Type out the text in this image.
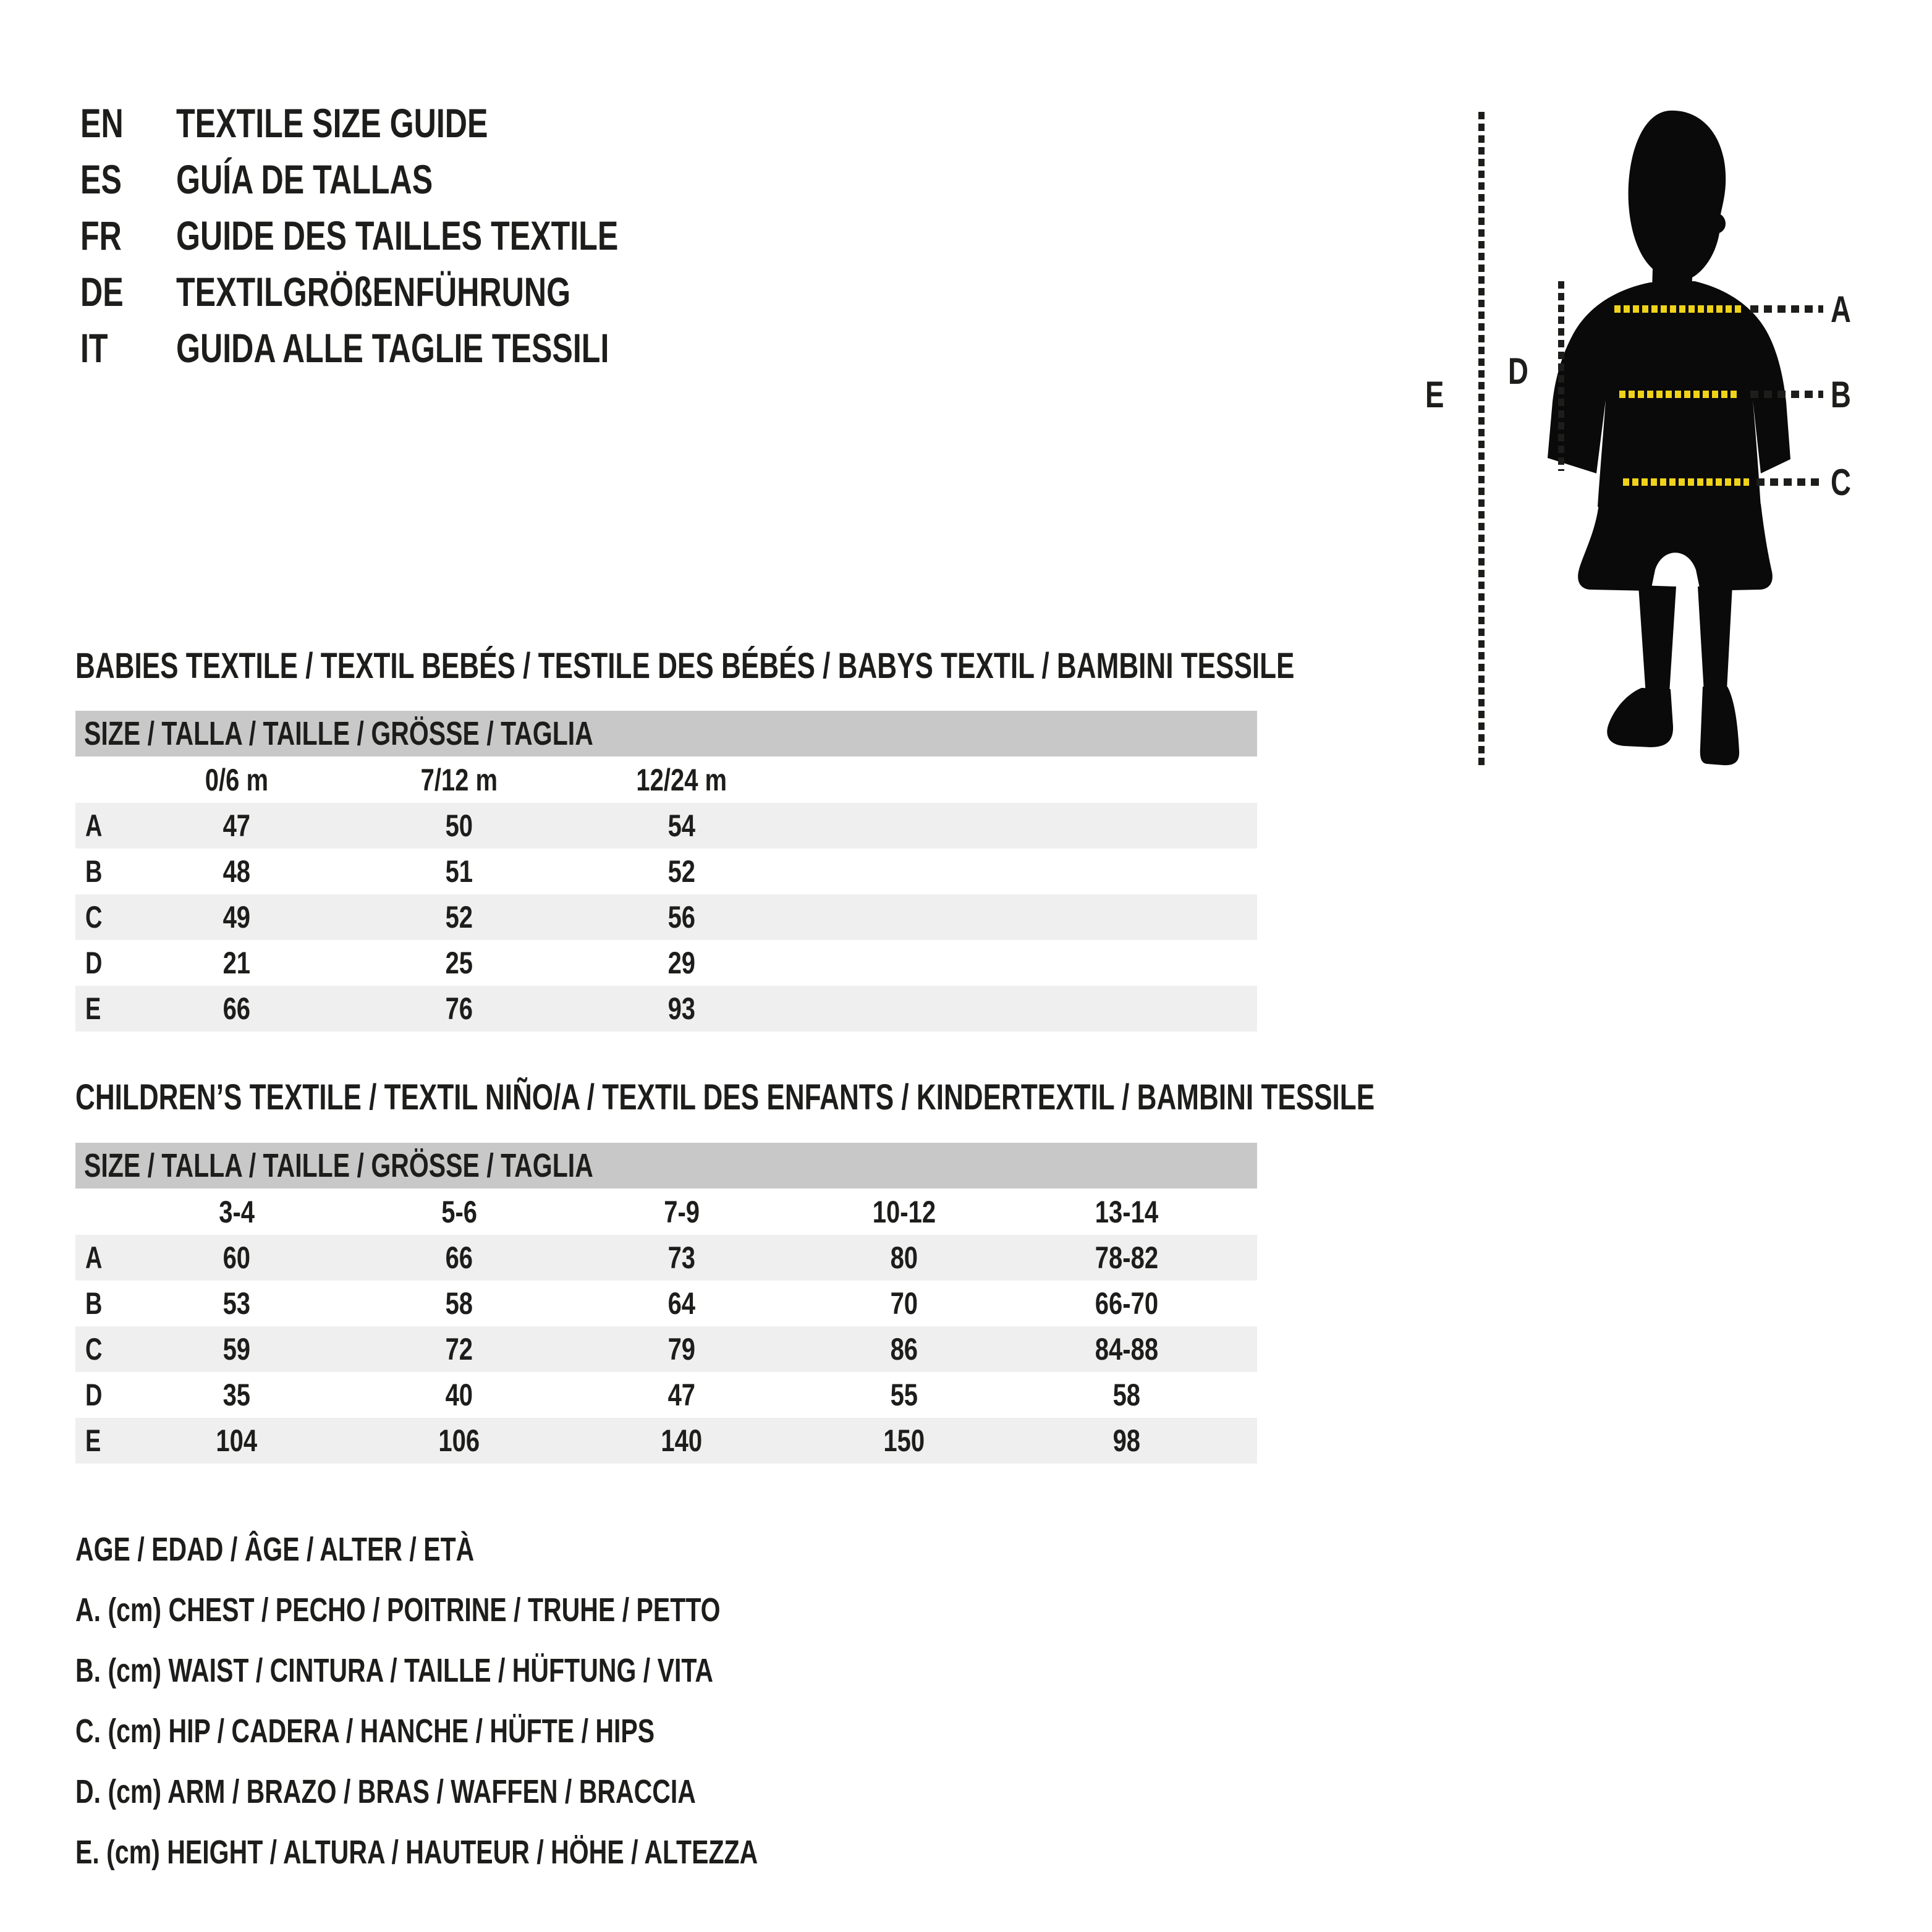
EN	TEXTILE SIZE GUIDE
ES	GUÍA DE TALLAS
FR	GUIDE DES TAILLES TEXTILE
DE	TEXTILGRÖßENFÜHRUNG
IT	GUIDA ALLE TAGLIE TESSILI
A
B
C
D
E
BABIES TEXTILE / TEXTIL BEBÉS / TESTILE DES BÉBÉS / BABYS TEXTIL / BAMBINI TESSILE
SIZE / TALLA / TAILLE / GRÖSSE / TAGLIA
0/6 m	7/12 m	12/24 m
A	47	50	54
B	48	51	52
C	49	52	56
D	21	25	29
E	66	76	93
CHILDREN’S TEXTILE / TEXTIL NIÑO/A / TEXTIL DES ENFANTS / KINDERTEXTIL / BAMBINI TESSILE
SIZE / TALLA / TAILLE / GRÖSSE / TAGLIA
3-4	5-6	7-9	10-12	13-14
A	60	66	73	80	78-82
B	53	58	64	70	66-70
C	59	72	79	86	84-88
D	35	40	47	55	58
E	104	106	140	150	98
AGE / EDAD / ÂGE / ALTER / ETÀ
A. (cm) CHEST / PECHO / POITRINE / TRUHE / PETTO
B. (cm) WAIST / CINTURA / TAILLE / HÜFTUNG / VITA
C. (cm) HIP / CADERA / HANCHE / HÜFTE / HIPS
D. (cm) ARM / BRAZO / BRAS / WAFFEN / BRACCIA
E. (cm) HEIGHT / ALTURA / HAUTEUR / HÖHE / ALTEZZA
